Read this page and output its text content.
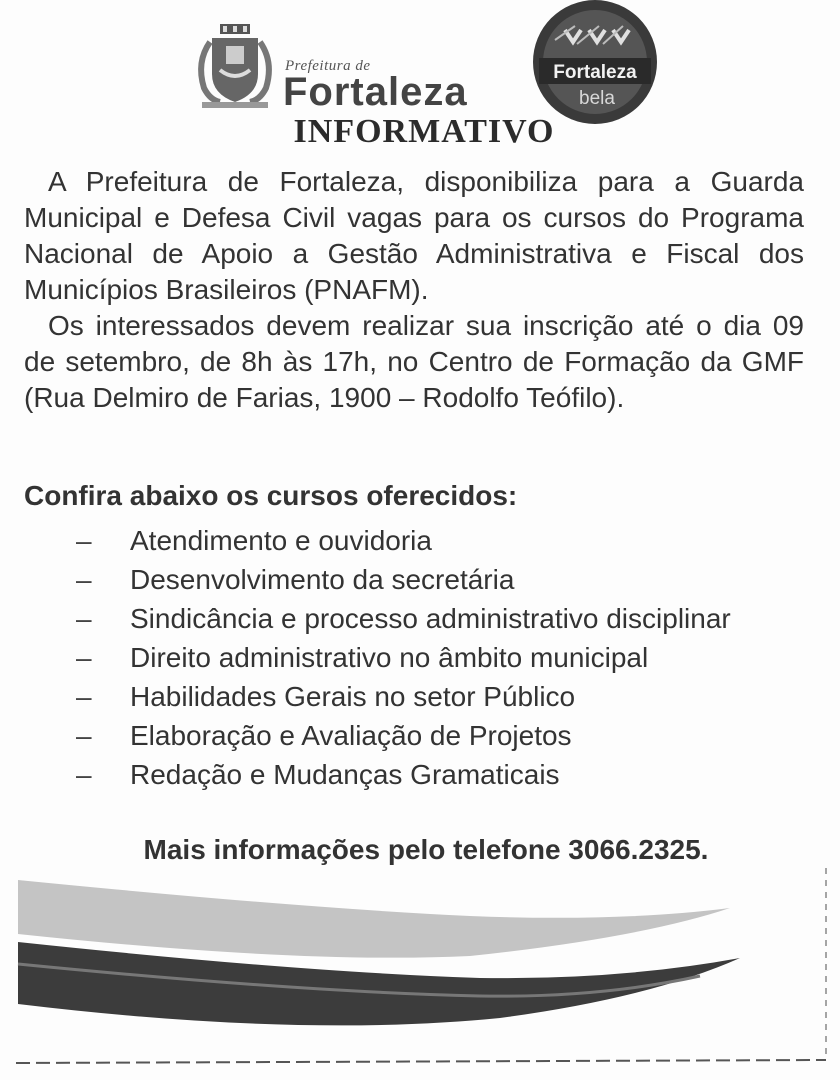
Prefeitura de
Fortaleza	Fortaleza
bela
INFORMATIVO

A Prefeitura de Fortaleza, disponibiliza para a Guarda Municipal e Defesa Civil vagas para os cursos do Programa Nacional de Apoio a Gestão Administrativa e Fiscal dos Municípios Brasileiros (PNAFM).

Os interessados devem realizar sua inscrição até o dia 09 de setembro, de 8h às 17h, no Centro de Formação da GMF (Rua Delmiro de Farias, 1900 – Rodolfo Teófilo).

Confira abaixo os cursos oferecidos:
– Atendimento e ouvidoria
– Desenvolvimento da secretária
– Sindicância e processo administrativo disciplinar
– Direito administrativo no âmbito municipal
– Habilidades Gerais no setor Público
– Elaboração e Avaliação de Projetos
– Redação e Mudanças Gramaticais

Mais informações pelo telefone 3066.2325.
